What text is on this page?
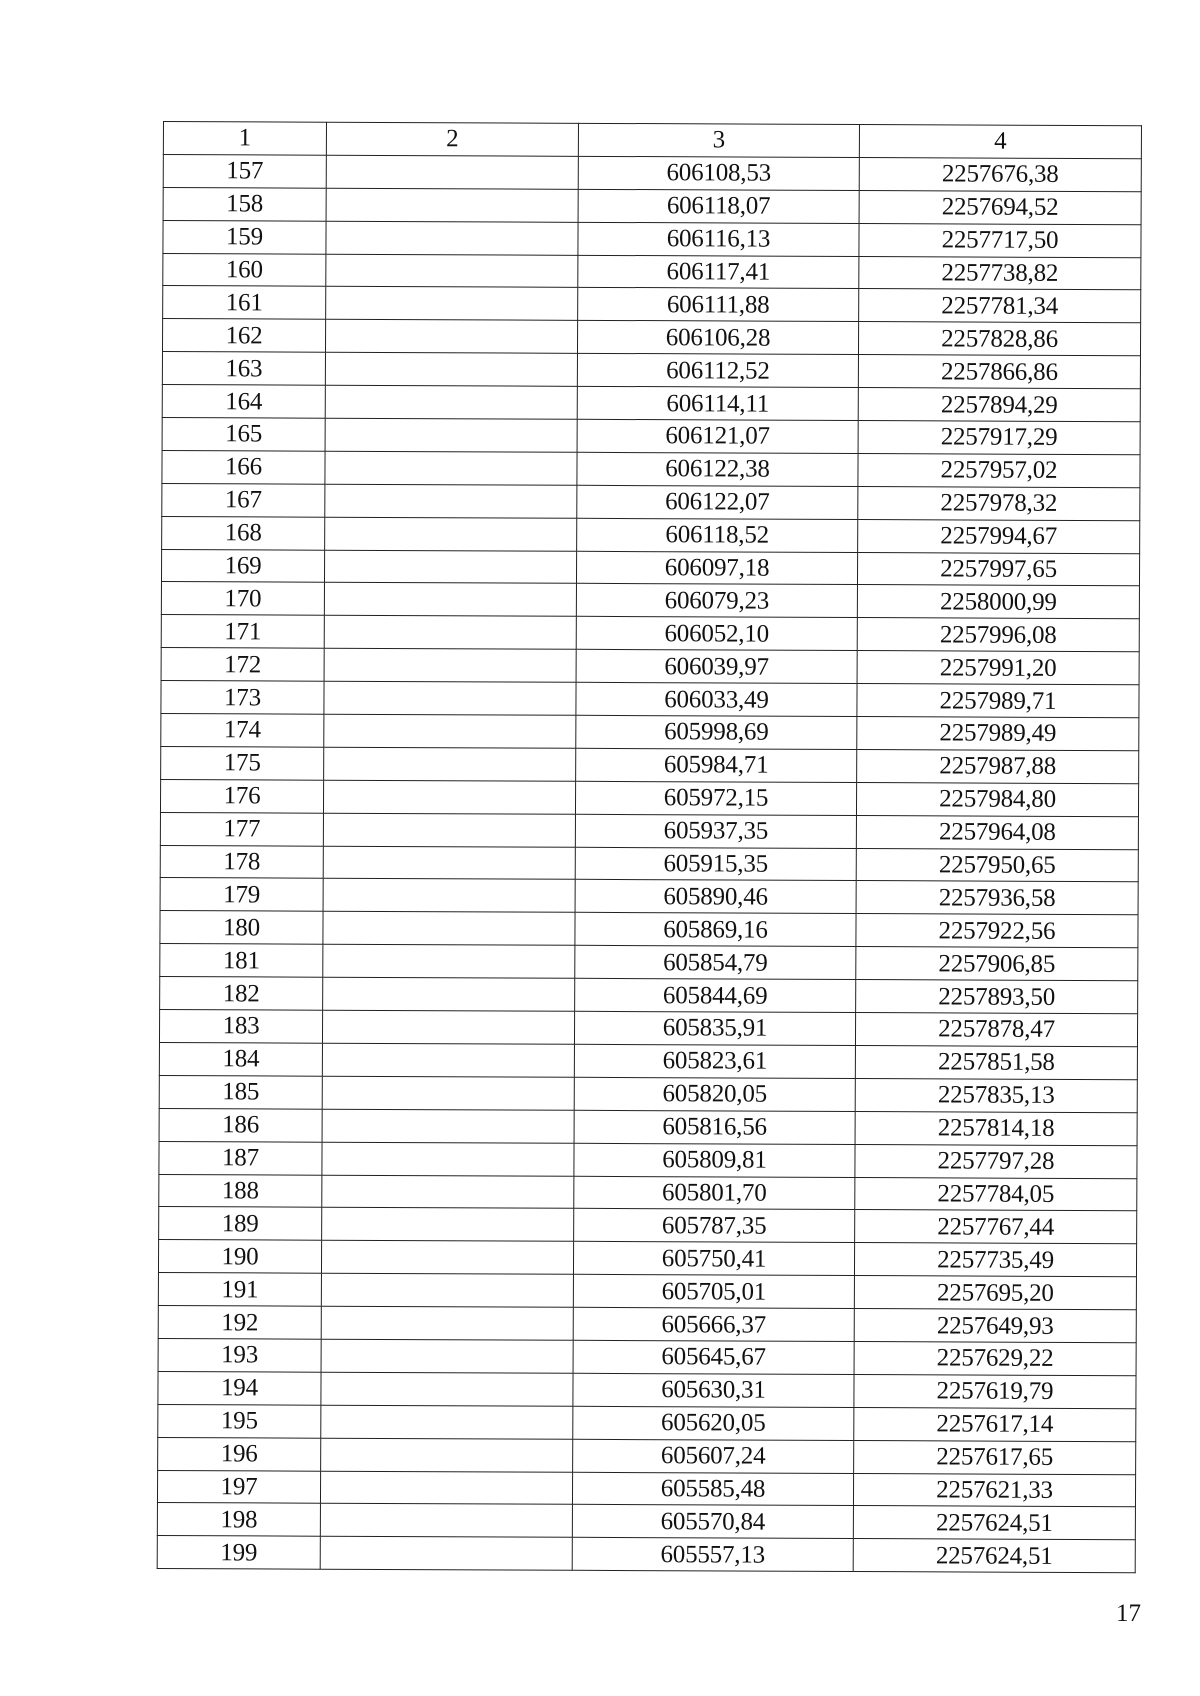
1	2	3	4
157		606108,53	2257676,38
158		606118,07	2257694,52
159		606116,13	2257717,50
160		606117,41	2257738,82
161		606111,88	2257781,34
162		606106,28	2257828,86
163		606112,52	2257866,86
164		606114,11	2257894,29
165		606121,07	2257917,29
166		606122,38	2257957,02
167		606122,07	2257978,32
168		606118,52	2257994,67
169		606097,18	2257997,65
170		606079,23	2258000,99
171		606052,10	2257996,08
172		606039,97	2257991,20
173		606033,49	2257989,71
174		605998,69	2257989,49
175		605984,71	2257987,88
176		605972,15	2257984,80
177		605937,35	2257964,08
178		605915,35	2257950,65
179		605890,46	2257936,58
180		605869,16	2257922,56
181		605854,79	2257906,85
182		605844,69	2257893,50
183		605835,91	2257878,47
184		605823,61	2257851,58
185		605820,05	2257835,13
186		605816,56	2257814,18
187		605809,81	2257797,28
188		605801,70	2257784,05
189		605787,35	2257767,44
190		605750,41	2257735,49
191		605705,01	2257695,20
192		605666,37	2257649,93
193		605645,67	2257629,22
194		605630,31	2257619,79
195		605620,05	2257617,14
196		605607,24	2257617,65
197		605585,48	2257621,33
198		605570,84	2257624,51
199		605557,13	2257624,51
17
